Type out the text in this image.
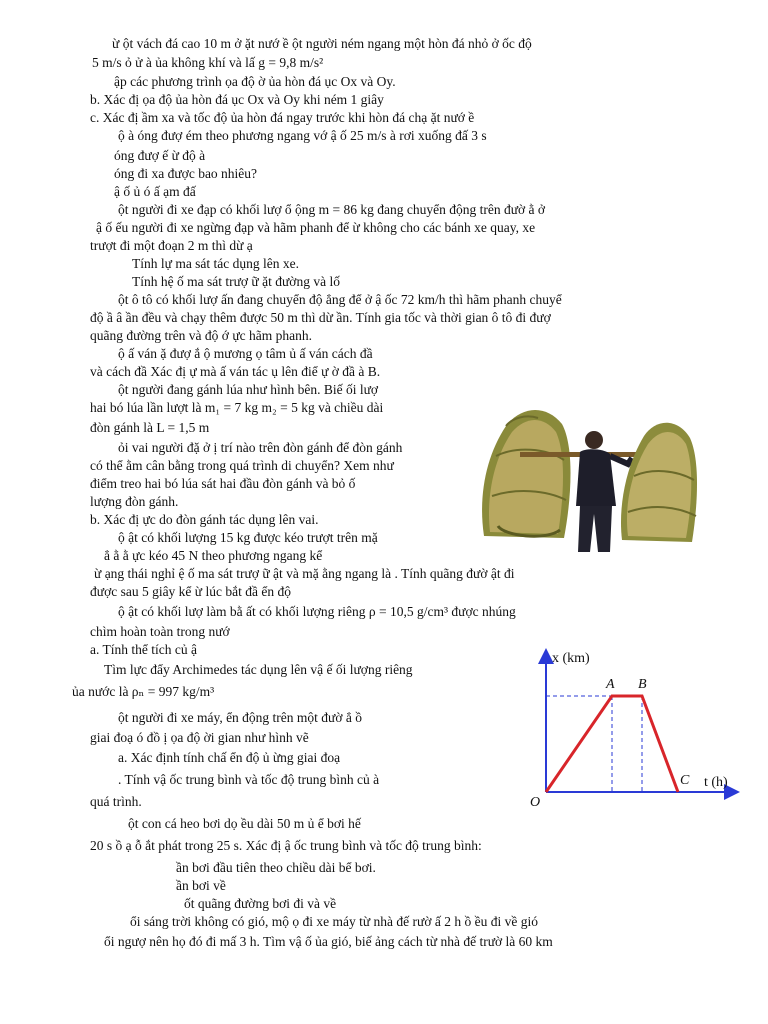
ừ ột vách đá cao 10 m ở ặt nướ ề ột người ném ngang một hòn đá nhỏ ở ốc độ
5 m/s ỏ ử à ủa không khí và lấ g = 9,8 m/s²
ập các phương trình ọa độ ờ ủa hòn đá ục Ox và Oy.
b. Xác đị ọa độ ủa hòn đá ục Ox và Oy khi ném 1 giây
c. Xác đị ầm xa và tốc độ ủa hòn đá ngay trước khi hòn đá chạ ặt nướ ề
ộ à óng đượ ém theo phương ngang vớ ậ ố 25 m/s à rơi xuống đấ 3 s
óng đượ ế ừ độ à
óng đi xa được bao nhiêu?
ậ ố ủ ó ấ ạm đấ
ột người đi xe đạp có khối lượ ổ ộng m = 86 kg đang chuyển động trên đườ ằ ở
ậ ố ếu người đi xe ngừng đạp và hãm phanh để ừ không cho các bánh xe quay, xe
trượt đi một đoạn 2 m thì dừ ạ
Tính lự ma sát tác dụng lên xe.
Tính hệ ố ma sát trượ ữ ặt đường và lố
ột ô tô có khối lượ ấn đang chuyển độ ẳng để ở ậ ốc 72 km/h thì hãm phanh chuyể
độ ầ â ần đều và chạy thêm được 50 m thì dừ ần. Tính gia tốc và thời gian ô tô đi đượ
quãng đường trên và độ ớ ực hãm phanh.
ộ ấ ván ặ đượ ắ ộ mương ọ tâm ủ ấ ván cách đầ
và cách đầ Xác đị ự mà ấ ván tác ụ lên điể ự ờ đầ à B.
ột người đang gánh lúa như hình bên. Biế ối lượ
hai bó lúa lần lượt là m₁ = 7 kg m₂ = 5 kg và chiều dài
đòn gánh là L = 1,5 m
ỏi vai người đặ ở ị trí nào trên đòn gánh để đòn gánh
có thể ằm cân bằng trong quá trình di chuyển? Xem như
điểm treo hai bó lúa sát hai đầu đòn gánh và bỏ ố
lượng đòn gánh.
b. Xác đị ực do đòn gánh tác dụng lên vai.
ộ ật có khối lượng 15 kg được kéo trượt trên mặ
ẳ ằ ằ ực kéo 45 N theo phương ngang kể
ừ ạng thái nghỉ ệ ố ma sát trượ ữ ật và mặ ằng ngang là . Tính quãng đườ ật đi
được sau 5 giây kể ừ lúc bắt đầ ển độ
ộ ật có khối lượ làm bằ ất có khối lượng riêng ρ = 10,5 g/cm³ được nhúng
chìm hoàn toàn trong nướ
a. Tính thể tích củ ậ
Tìm lực đẩy Archimedes tác dụng lên vậ ế ối lượng riêng
ủa nước là ρₙ = 997 kg/m³
ột người đi xe máy, ển động trên một đườ ẳ ồ
giai đoạ ó đồ ị ọa độ ời gian như hình vẽ
a. Xác định tính chấ ển độ ủ ừng giai đoạ
. Tính vậ ốc trung bình và tốc độ trung bình củ à
quá trình.
ột con cá heo bơi dọ ều dài 50 m ủ ể bơi hế
20 s ồ ạ ỗ ắt phát trong 25 s. Xác đị ậ ốc trung bình và tốc độ trung bình:
ần bơi đầu tiên theo chiều dài bể bơi.
ần bơi về
ốt quãng đường bơi đi và về
ổi sáng trời không có gió, mộ ọ đi xe máy từ nhà đế rườ ấ 2 h ồ ều đi về gió
ổi ngượ nên họ đó đi mấ 3 h. Tìm vậ ố ủa gió, biế ảng cách từ nhà đế trườ là 60 km
x (km)
t (h)
A B
C
O
